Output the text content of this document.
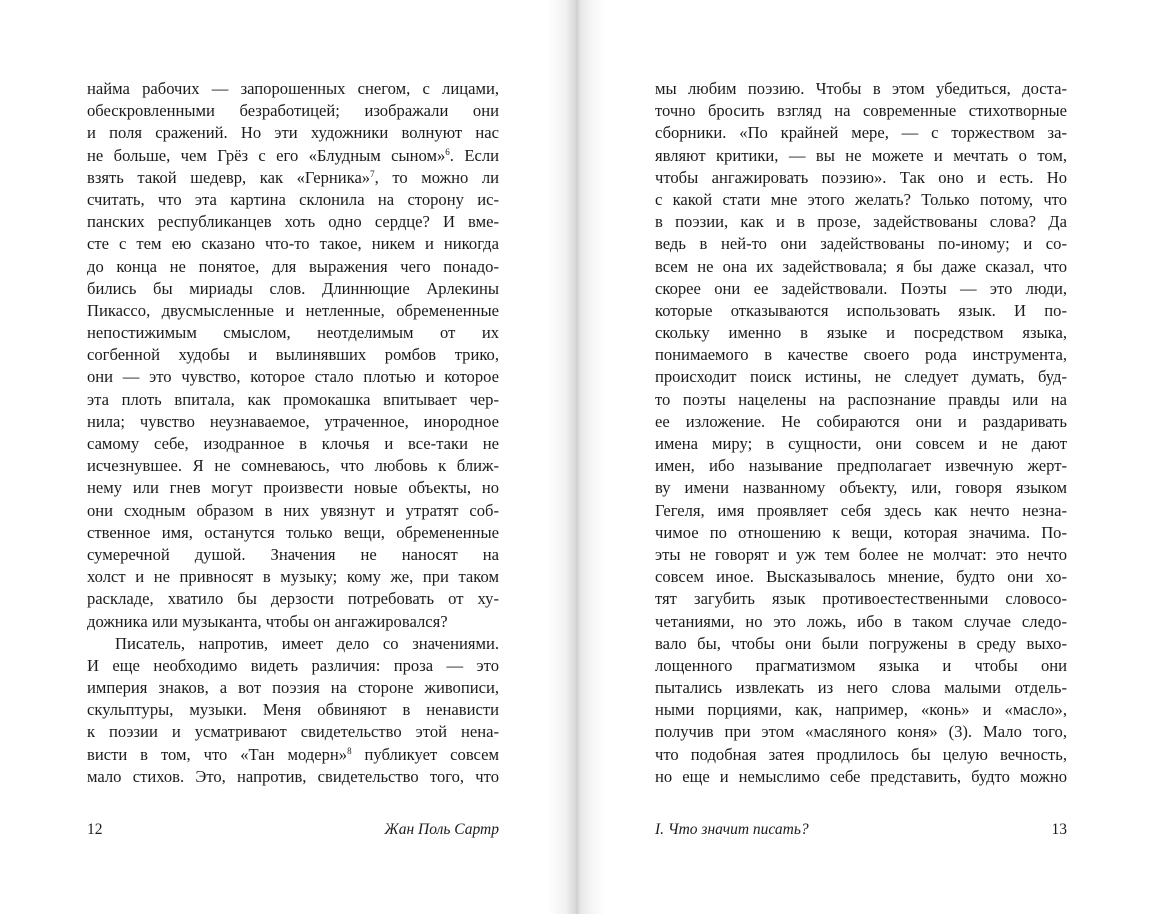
найма рабочих — запорошенных снегом, с лицами,
обескровленными безработицей; изображали они
и поля сражений. Но эти художники волнуют нас
не больше, чем Грёз с его «Блудным сыном»$^6$. Если
взять такой шедевр, как «Герника»$^7$, то можно ли
считать, что эта картина склонила на сторону ис-
панских республиканцев хоть одно сердце? И вме-
сте с тем ею сказано что-то такое, никем и никогда
до конца не понятое, для выражения чего понадо-
бились бы мириады слов. Длиннющие Арлекины
Пикассо, двусмысленные и нетленные, обремененные
непостижимым смыслом, неотделимым от их
согбенной худобы и вылинявших ромбов трико,
они — это чувство, которое стало плотью и которое
эта плоть впитала, как промокашка впитывает чер-
нила; чувство неузнаваемое, утраченное, инородное
самому себе, изодранное в клочья и все-таки не
исчезнувшее. Я не сомневаюсь, что любовь к ближ-
нему или гнев могут произвести новые объекты, но
они сходным образом в них увязнут и утратят соб-
ственное имя, останутся только вещи, обремененные
сумеречной душой. Значения не наносят на
холст и не привносят в музыку; кому же, при таком
раскладе, хватило бы дерзости потребовать от ху-
дожника или музыканта, чтобы он ангажировался?
Писатель, напротив, имеет дело со значениями.
И еще необходимо видеть различия: проза — это
империя знаков, а вот поэзия на стороне живописи,
скульптуры, музыки. Меня обвиняют в ненависти
к поэзии и усматривают свидетельство этой нена-
висти в том, что «Тан модерн»$^8$ публикует совсем
мало стихов. Это, напротив, свидетельство того, что
12	Жан Поль Сартр
мы любим поэзию. Чтобы в этом убедиться, доста-
точно бросить взгляд на современные стихотворные
сборники. «По крайней мере, — с торжеством за-
являют критики, — вы не можете и мечтать о том,
чтобы ангажировать поэзию». Так оно и есть. Но
с какой стати мне этого желать? Только потому, что
в поэзии, как и в прозе, задействованы слова? Да
ведь в ней-то они задействованы по-иному; и со-
всем не она их задействовала; я бы даже сказал, что
скорее они ее задействовали. Поэты — это люди,
которые отказываются использовать язык. И по-
скольку именно в языке и посредством языка,
понимаемого в качестве своего рода инструмента,
происходит поиск истины, не следует думать, буд-
то поэты нацелены на распознание правды или на
ее изложение. Не собираются они и раздаривать
имена миру; в сущности, они совсем и не дают
имен, ибо называние предполагает извечную жерт-
ву имени названному объекту, или, говоря языком
Гегеля, имя проявляет себя здесь как нечто незна-
чимое по отношению к вещи, которая значима. По-
эты не говорят и уж тем более не молчат: это нечто
совсем иное. Высказывалось мнение, будто они хо-
тят загубить язык противоестественными словосо-
четаниями, но это ложь, ибо в таком случае следо-
вало бы, чтобы они были погружены в среду выхо-
лощенного прагматизмом языка и чтобы они
пытались извлекать из него слова малыми отдель-
ными порциями, как, например, «конь» и «масло»,
получив при этом «масляного коня» (3). Мало того,
что подобная затея продлилось бы целую вечность,
но еще и немыслимо себе представить, будто можно
I. Что значит писать?	13
